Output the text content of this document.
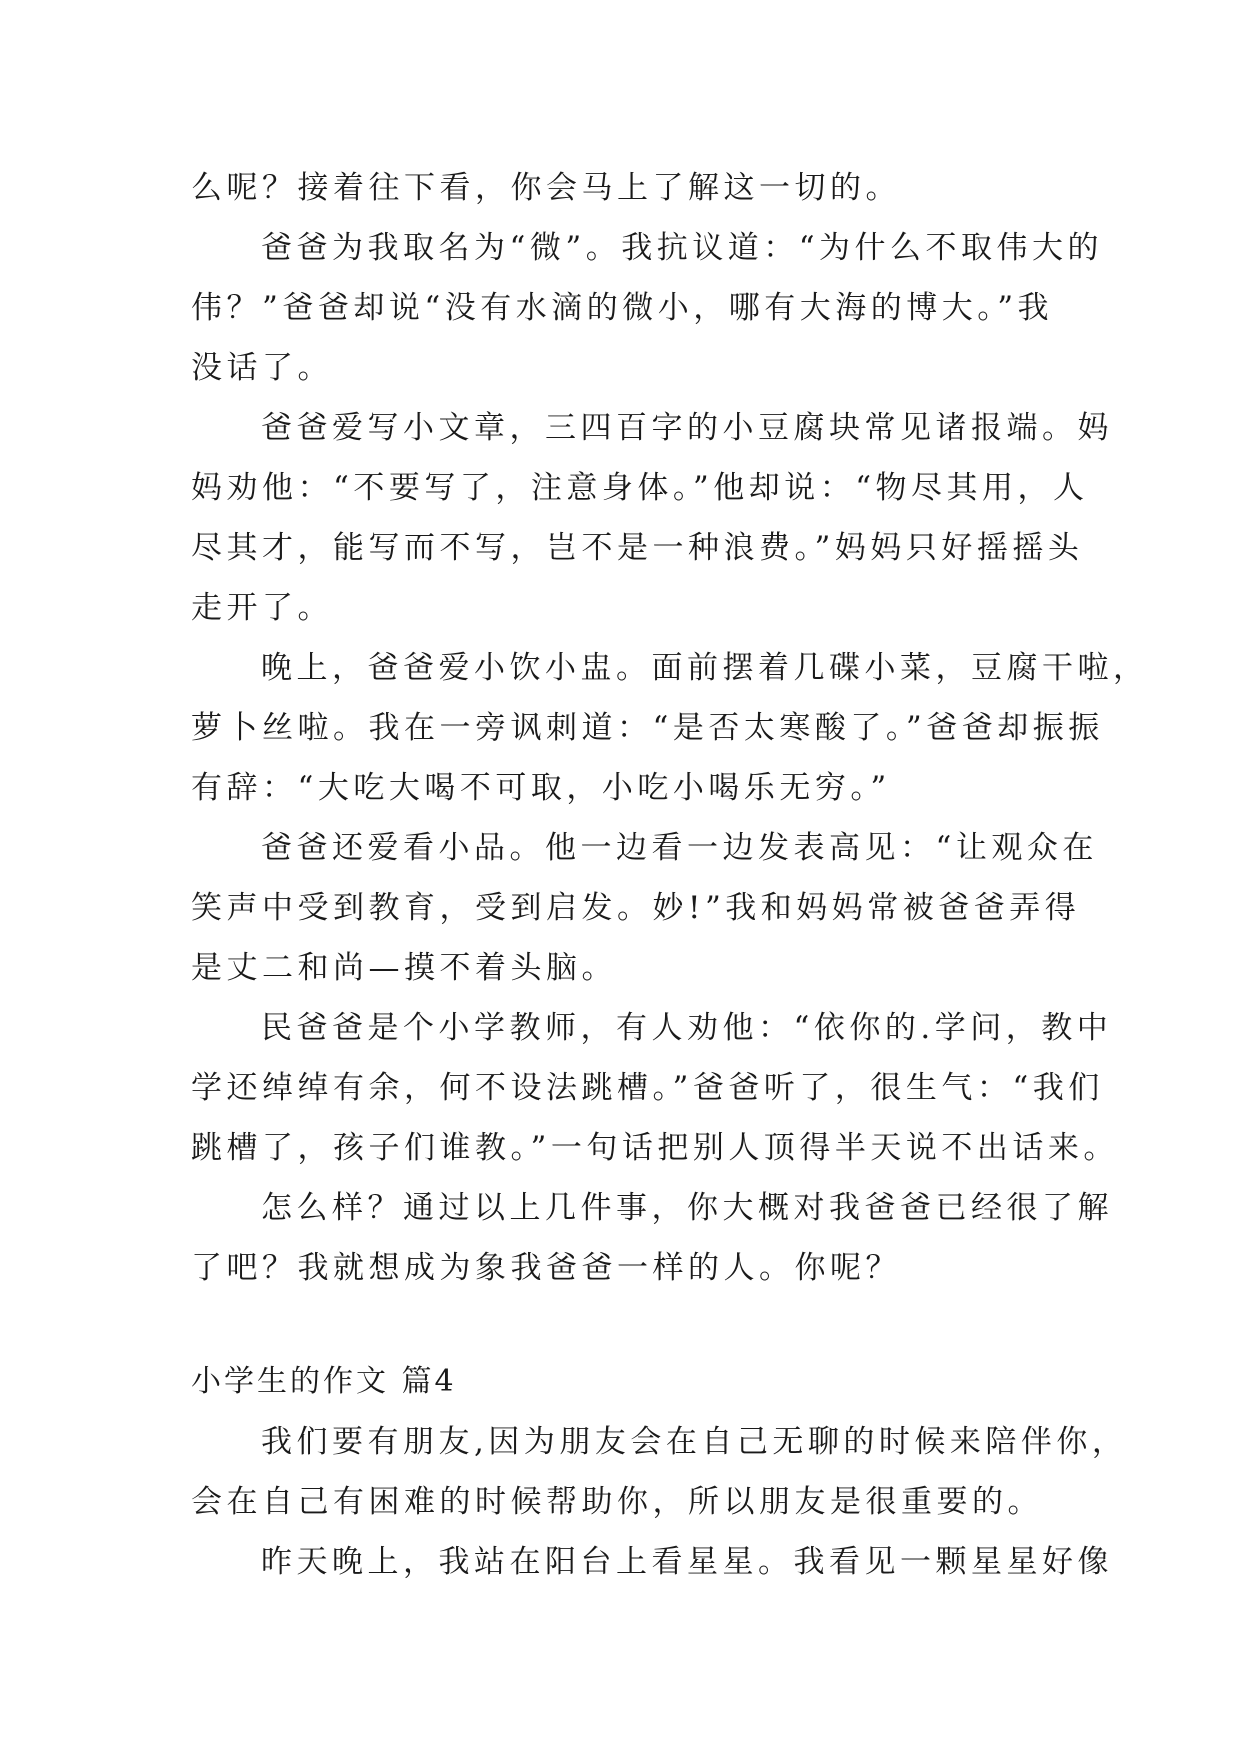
么呢？接着往下看，你会马上了解这一切的。
爸爸为我取名为“微”。我抗议道：“为什么不取伟大的
伟？”爸爸却说“没有水滴的微小，哪有大海的博大。”我
没话了。
爸爸爱写小文章，三四百字的小豆腐块常见诸报端。妈
妈劝他：“不要写了，注意身体。”他却说：“物尽其用，人
尽其才，能写而不写，岂不是一种浪费。”妈妈只好摇摇头
走开了。
晚上，爸爸爱小饮小盅。面前摆着几碟小菜，豆腐干啦，
萝卜丝啦。我在一旁讽刺道：“是否太寒酸了。”爸爸却振振
有辞：“大吃大喝不可取，小吃小喝乐无穷。”
爸爸还爱看小品。他一边看一边发表高见：“让观众在
笑声中受到教育，受到启发。妙!”我和妈妈常被爸爸弄得
是丈二和尚—摸不着头脑。
民爸爸是个小学教师，有人劝他：“依你的.学问，教中
学还绰绰有余，何不设法跳槽。”爸爸听了，很生气：“我们
跳槽了，孩子们谁教。”一句话把别人顶得半天说不出话来。
怎么样？通过以上几件事，你大概对我爸爸已经很了解
了吧？我就想成为象我爸爸一样的人。你呢？
小学生的作文 篇4
我们要有朋友,因为朋友会在自己无聊的时候来陪伴你，
会在自己有困难的时候帮助你，所以朋友是很重要的。
昨天晚上，我站在阳台上看星星。我看见一颗星星好像
